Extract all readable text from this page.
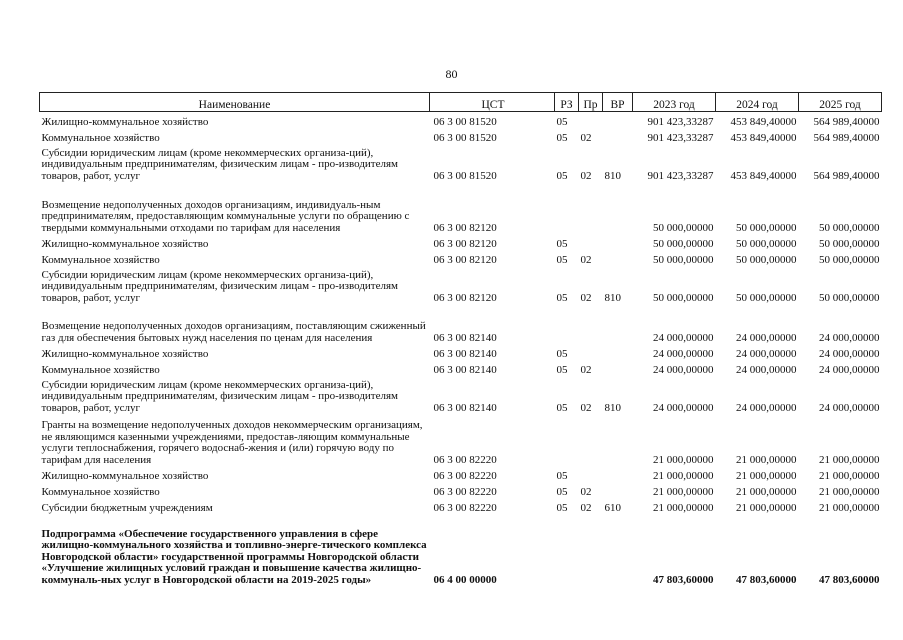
80
Наименование	ЦСТ	РЗ	Пр	ВР	2023 год	2024 год	2025 год
Жилищно-коммунальное хозяйство	06 3 00 81520	05			901 423,33287	453 849,40000	564 989,40000
Коммунальное хозяйство	06 3 00 81520	05	02		901 423,33287	453 849,40000	564 989,40000
Субсидии юридическим лицам (кроме некоммерческих организа-ций), индивидуальным предпринимателям, физическим лицам - про-изводителям товаров, работ, услуг	06 3 00 81520	05	02	810	901 423,33287	453 849,40000	564 989,40000
Возмещение недополученных доходов организациям, индивидуаль-ным предпринимателям, предоставляющим коммунальные услуги по обращению с твердыми коммунальными отходами по тарифам для населения	06 3 00 82120				50 000,00000	50 000,00000	50 000,00000
Жилищно-коммунальное хозяйство	06 3 00 82120	05			50 000,00000	50 000,00000	50 000,00000
Коммунальное хозяйство	06 3 00 82120	05	02		50 000,00000	50 000,00000	50 000,00000
Субсидии юридическим лицам (кроме некоммерческих организа-ций), индивидуальным предпринимателям, физическим лицам - про-изводителям товаров, работ, услуг	06 3 00 82120	05	02	810	50 000,00000	50 000,00000	50 000,00000
Возмещение недополученных доходов организациям, поставляющим сжиженный газ для обеспечения бытовых нужд населения по ценам для населения	06 3 00 82140				24 000,00000	24 000,00000	24 000,00000
Жилищно-коммунальное хозяйство	06 3 00 82140	05			24 000,00000	24 000,00000	24 000,00000
Коммунальное хозяйство	06 3 00 82140	05	02		24 000,00000	24 000,00000	24 000,00000
Субсидии юридическим лицам (кроме некоммерческих организа-ций), индивидуальным предпринимателям, физическим лицам - про-изводителям товаров, работ, услуг	06 3 00 82140	05	02	810	24 000,00000	24 000,00000	24 000,00000
Гранты на возмещение недополученных доходов некоммерческим организациям, не являющимся казенными учреждениями, предостав-ляющим коммунальные услуги теплоснабжения, горячего водоснаб-жения и (или) горячую воду по тарифам для населения	06 3 00 82220				21 000,00000	21 000,00000	21 000,00000
Жилищно-коммунальное хозяйство	06 3 00 82220	05			21 000,00000	21 000,00000	21 000,00000
Коммунальное хозяйство	06 3 00 82220	05	02		21 000,00000	21 000,00000	21 000,00000
Субсидии бюджетным учреждениям	06 3 00 82220	05	02	610	21 000,00000	21 000,00000	21 000,00000
Подпрограмма «Обеспечение государственного управления в сфере жилищно-коммунального хозяйства и топливно-энерге-тического комплекса Новгородской области» государственной программы Новгородской области «Улучшение жилищных условий граждан и повышение качества жилищно-коммуналь-ных услуг в Новгородской области на 2019-2025 годы»	06 4 00 00000				47 803,60000	47 803,60000	47 803,60000
